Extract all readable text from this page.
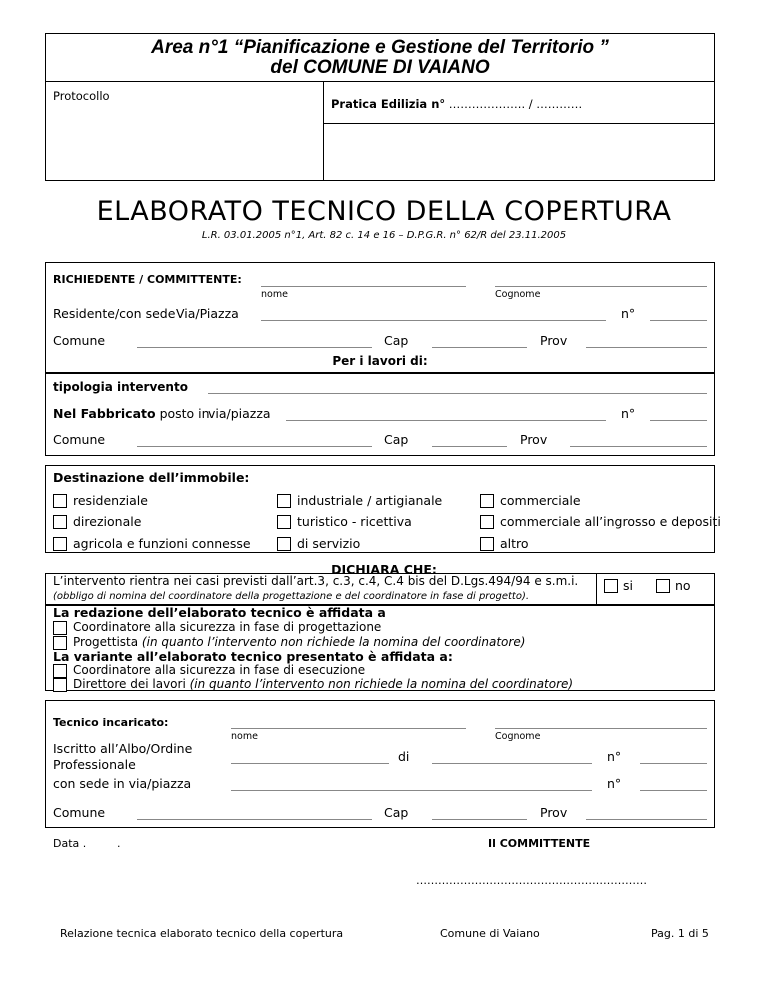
Area n°1 “Pianificazione e Gestione del Territorio ”
del COMUNE DI VAIANO
Protocollo
Pratica Edilizia n° ……………….. / …………
ELABORATO TECNICO DELLA COPERTURA
L.R. 03.01.2005 n°1, Art. 82 c. 14 e 16 – D.P.G.R. n° 62/R del 23.11.2005
RICHIEDENTE / COMMITTENTE:
nome	Cognome
Residente/con sede Via/Piazza	n°
Comune	Cap	Prov
Per i lavori di:
tipologia intervento
Nel Fabbricato posto in
via/piazza	n°
Comune	Cap	Prov
Destinazione dell’immobile:
residenziale	industriale / artigianale	commerciale
direzionale	turistico - ricettiva	commerciale all’ingrosso e depositi
agricola e funzioni connesse	di servizio	altro
DICHIARA CHE:
L’intervento rientra nei casi previsti dall’art.3, c.3, c.4, C.4 bis del D.Lgs.494/94 e s.m.i.
(obbligo di nomina del coordinatore della progettazione e del coordinatore in fase di progetto).
si	no
La redazione dell’elaborato tecnico è affidata a
Coordinatore alla sicurezza in fase di progettazione
Progettista (in quanto l’intervento non richiede la nomina del coordinatore)
La variante all’elaborato tecnico presentato è affidata a:
Coordinatore alla sicurezza in fase di esecuzione
Direttore dei lavori (in quanto l’intervento non richiede la nomina del coordinatore)
Tecnico incaricato:
nome	Cognome
Iscritto all’Albo/Ordine
Professionale
di	n°
con sede in via/piazza	n°
Comune	Cap	Prov
Data .	.	Il COMMITTENTE
………………………………………………………
Relazione tecnica elaborato tecnico della copertura	Comune di Vaiano	Pag. 1 di 5
